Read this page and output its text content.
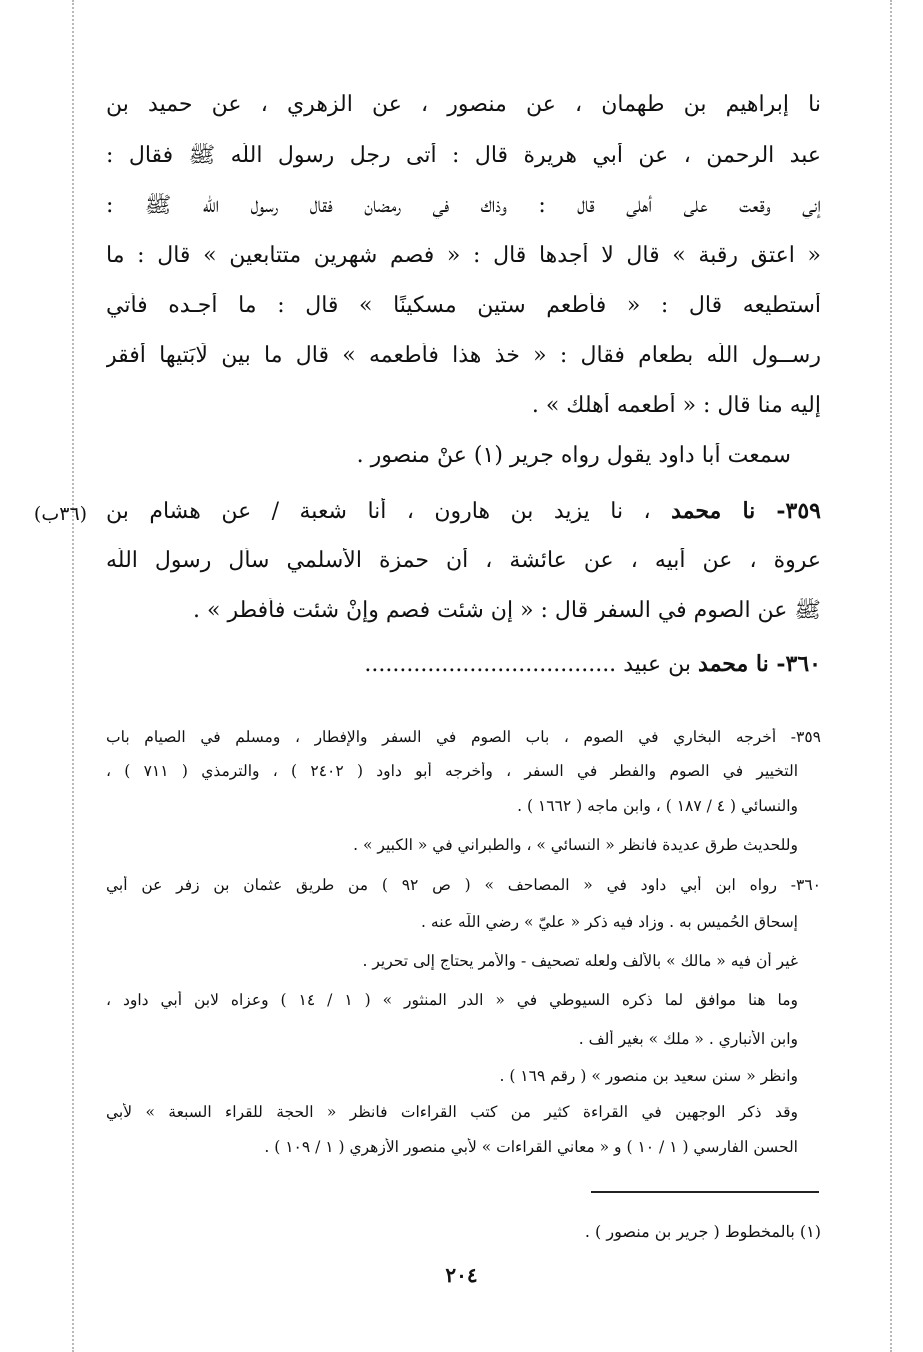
نا إبراهيم بن طهمان ، عن منصور ، عن الزهري ، عن حميد بن
عبد الرحمن ، عن أبي هريرة قال : أتى رجل رسول اللّه ﷺ فقال :
إني وقعت على أهلي قال : وذاك في رمضان فقال رسول اللّه ﷺ :
« اعتق رقبة » قال لا أجدها قال : « فصم شهرين متتابعين » قال : ما
أستطيعه قال : « فأطعم ستين مسكينًا » قال : ما أجـده فأُتي
رســول اللّه بطعام فقال : « خذ هذا فأطعمه » قال ما بين لَابَتيها أفقر
إليه منا قال : « أطعمه أهلك » .
سمعت أبا داود يقول رواه جرير (١) عنْ منصور .
(٣٦ب)	٣٥٩- نا محمد ، نا يزيد بن هارون ، أنا شعبة / عن هشام بن
عروة ، عن أبيه ، عن عائشة ، أن حمزة الأسلمي سأل رسول اللّه
ﷺ عن الصوم في السفر قال : « إن شئت فصم وإنْ شئت فأفطر » .
٣٦٠- نا محمد بن عبيد ....................................
٣٥٩- أخرجه البخاري في الصوم ، باب الصوم في السفر والإفطار ، ومسلم في الصيام باب
التخيير في الصوم والفطر في السفر ، وأخرجه أبو داود ( ٢٤٠٢ ) ، والترمذي ( ٧١١ ) ،
والنسائي ( ٤ / ١٨٧ ) ، وابن ماجه ( ١٦٦٢ ) .
وللحديث طرق عديدة فانظر « النسائي » ، والطبراني في « الكبير » .
٣٦٠- رواه ابن أبي داود في « المصاحف » ( ص ٩٢ ) من طريق عثمان بن زفر عن أبي
إسحاق الحُميس به . وزاد فيه ذكر « عليّ » رضي اللّه عنه .
غير أن فيه « مالك » بالألف ولعله تصحيف - والأمر يحتاج إلى تحرير .
وما هنا موافق لما ذكره السيوطي في « الدر المنثور » ( ١ / ١٤ ) وعزاه لابن أبي داود ،
وابن الأنباري . « ملك » بغير ألف .
وانظر « سنن سعيد بن منصور » ( رقم ١٦٩ ) .
وقد ذكر الوجهين في القراءة كثير من كتب القراءات فانظر « الحجة للقراء السبعة » لأبي
الحسن الفارسي ( ١ / ١٠ ) و « معاني القراءات » لأبي منصور الأزهري ( ١ / ١٠٩ ) .
(١) بالمخطوط ( جرير بن منصور ) .
٢٠٤
